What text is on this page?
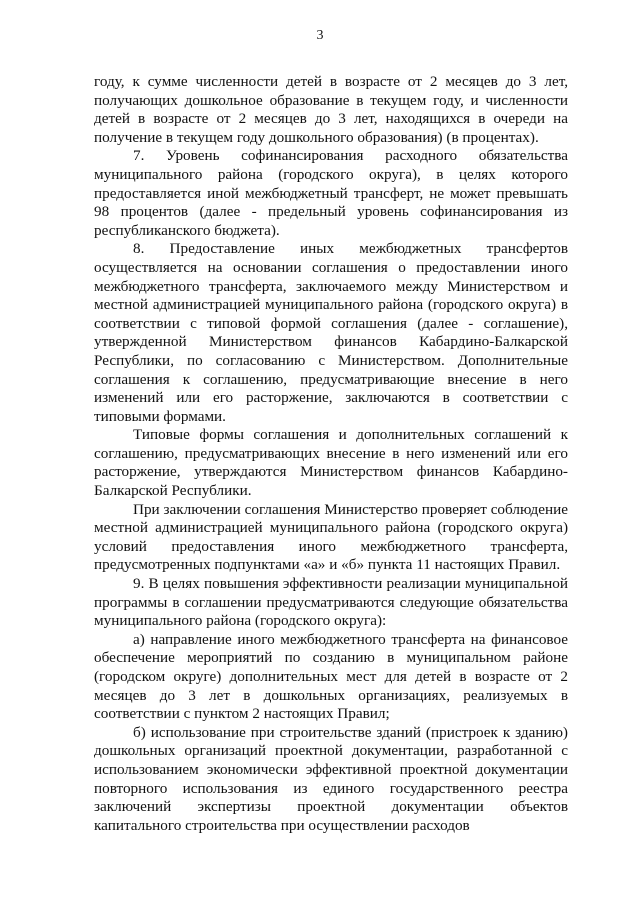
3

году, к сумме численности детей в возрасте от 2 месяцев до 3 лет, получающих дошкольное образование в текущем году, и численности детей в возрасте от 2 месяцев до 3 лет, находящихся в очереди на получение в текущем году дошкольного образования) (в процентах).

7. Уровень софинансирования расходного обязательства муниципального района (городского округа), в целях которого предоставляется иной межбюджетный трансферт, не может превышать 98 процентов (далее - предельный уровень софинансирования из республиканского бюджета).

8. Предоставление иных межбюджетных трансфертов осуществляется на основании соглашения о предоставлении иного межбюджетного трансферта, заключаемого между Министерством и местной администрацией муниципального района (городского округа) в соответствии с типовой формой соглашения (далее - соглашение), утвержденной Министерством финансов Кабардино-Балкарской Республики, по согласованию с Министерством. Дополнительные соглашения к соглашению, предусматривающие внесение в него изменений или его расторжение, заключаются в соответствии с типовыми формами.

Типовые формы соглашения и дополнительных соглашений к соглашению, предусматривающих внесение в него изменений или его расторжение, утверждаются Министерством финансов Кабардино-Балкарской Республики.

При заключении соглашения Министерство проверяет соблюдение местной администрацией муниципального района (городского округа) условий предоставления иного межбюджетного трансферта, предусмотренных подпунктами «а» и «б» пункта 11 настоящих Правил.

9. В целях повышения эффективности реализации муниципальной программы в соглашении предусматриваются следующие обязательства муниципального района (городского округа):

а) направление иного межбюджетного трансферта на финансовое обеспечение мероприятий по созданию в муниципальном районе (городском округе) дополнительных мест для детей в возрасте от 2 месяцев до 3 лет в дошкольных организациях, реализуемых в соответствии с пунктом 2 настоящих Правил;

б) использование при строительстве зданий (пристроек к зданию) дошкольных организаций проектной документации, разработанной с использованием экономически эффективной проектной документации повторного использования из единого государственного реестра заключений экспертизы проектной документации объектов капитального строительства при осуществлении расходов
